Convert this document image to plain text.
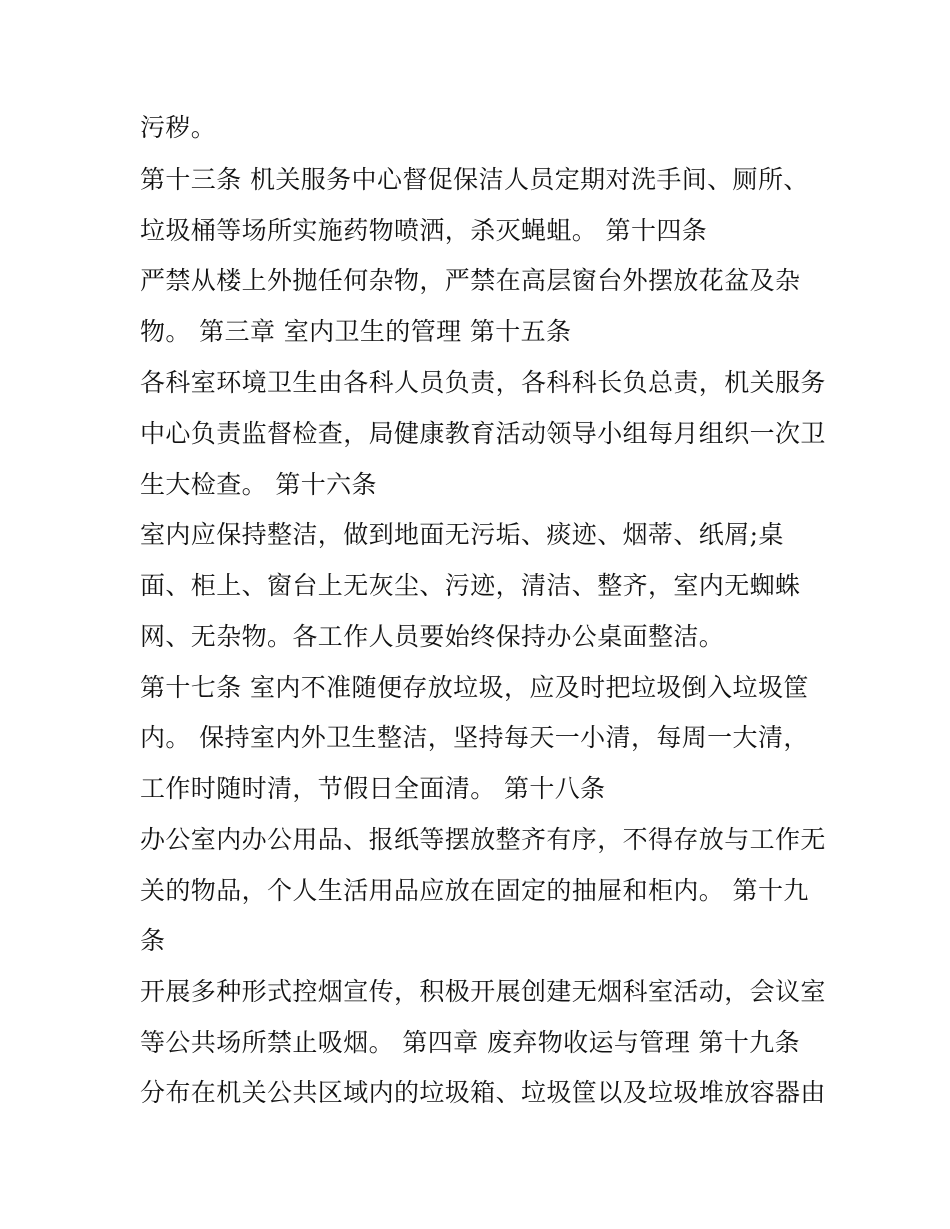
污秽。
第十三条 机关服务中心督促保洁人员定期对洗手间、厕所、
垃圾桶等场所实施药物喷洒，杀灭蝇蛆。 第十四条
严禁从楼上外抛任何杂物，严禁在高层窗台外摆放花盆及杂
物。 第三章 室内卫生的管理 第十五条
各科室环境卫生由各科人员负责，各科科长负总责，机关服务
中心负责监督检查，局健康教育活动领导小组每月组织一次卫
生大检查。 第十六条
室内应保持整洁，做到地面无污垢、痰迹、烟蒂、纸屑;桌
面、柜上、窗台上无灰尘、污迹，清洁、整齐，室内无蜘蛛
网、无杂物。各工作人员要始终保持办公桌面整洁。
第十七条 室内不准随便存放垃圾，应及时把垃圾倒入垃圾筐
内。 保持室内外卫生整洁，坚持每天一小清，每周一大清，
工作时随时清，节假日全面清。 第十八条
办公室内办公用品、报纸等摆放整齐有序，不得存放与工作无
关的物品，个人生活用品应放在固定的抽屉和柜内。 第十九
条
开展多种形式控烟宣传，积极开展创建无烟科室活动，会议室
等公共场所禁止吸烟。 第四章 废弃物收运与管理 第十九条
分布在机关公共区域内的垃圾箱、垃圾筐以及垃圾堆放容器由
